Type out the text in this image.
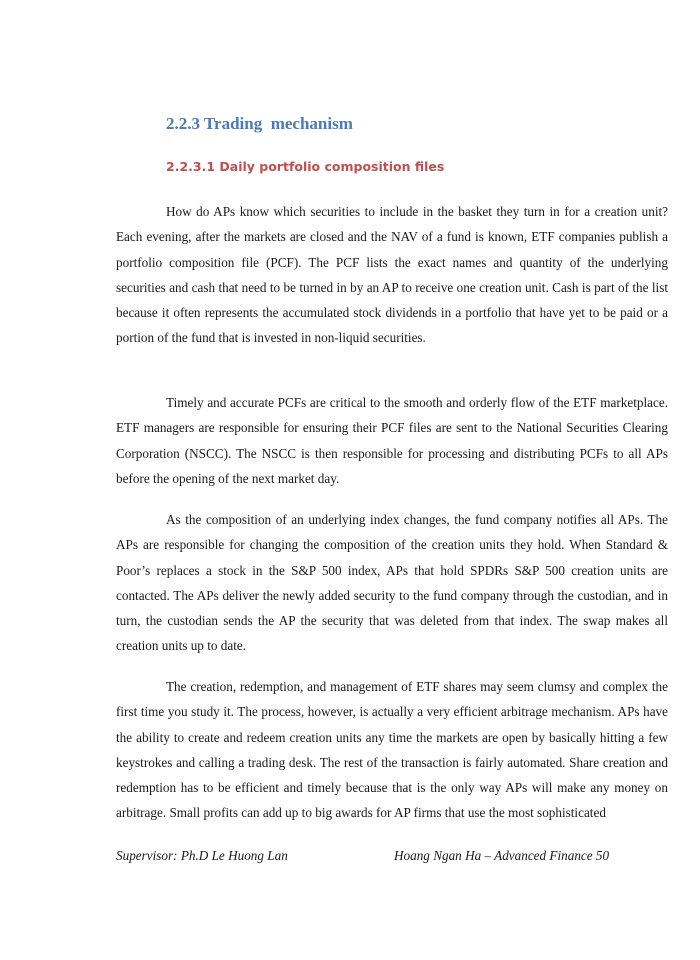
2.2.3 Trading  mechanism
2.2.3.1 Daily portfolio composition files

How do APs know which securities to include in the basket they turn in for a creation unit? Each evening, after the markets are closed and the NAV of a fund is known, ETF companies publish a portfolio composition file (PCF). The PCF lists the exact names and quantity of the underlying securities and cash that need to be turned in by an AP to receive one creation unit. Cash is part of the list because it often represents the accumulated stock dividends in a portfolio that have yet to be paid or a portion of the fund that is invested in non-liquid securities.

Timely and accurate PCFs are critical to the smooth and orderly flow of the ETF marketplace. ETF managers are responsible for ensuring their PCF files are sent to the National Securities Clearing Corporation (NSCC). The NSCC is then responsible for processing and distributing PCFs to all APs before the opening of the next market day.

As the composition of an underlying index changes, the fund company notifies all APs. The APs are responsible for changing the composition of the creation units they hold. When Standard & Poor’s replaces a stock in the S&P 500 index, APs that hold SPDRs S&P 500 creation units are contacted. The APs deliver the newly added security to the fund company through the custodian, and in turn, the custodian sends the AP the security that was deleted from that index. The swap makes all creation units up to date.

The creation, redemption, and management of ETF shares may seem clumsy and complex the first time you study it. The process, however, is actually a very efficient arbitrage mechanism. APs have the ability to create and redeem creation units any time the markets are open by basically hitting a few keystrokes and calling a trading desk. The rest of the transaction is fairly automated. Share creation and redemption has to be efficient and timely because that is the only way APs will make any money on arbitrage. Small profits can add up to big awards for AP firms that use the most sophisticated

Supervisor: Ph.D Le Huong Lan	Hoang Ngan Ha – Advanced Finance 50
